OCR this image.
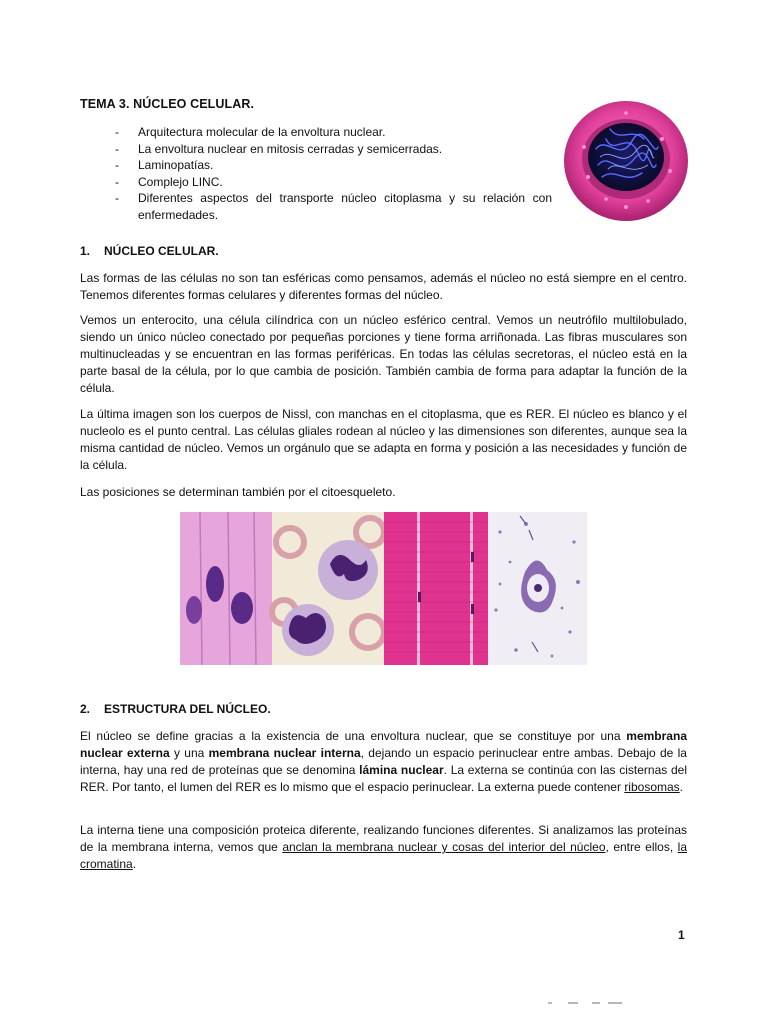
TEMA 3. NÚCLEO CELULAR.
- Arquitectura molecular de la envoltura nuclear.
- La envoltura nuclear en mitosis cerradas y semicerradas.
- Laminopatías.
- Complejo LINC.
- Diferentes aspectos del transporte núcleo citoplasma y su relación con enfermedades.
1. NÚCLEO CELULAR.

Las formas de las células no son tan esféricas como pensamos, además el núcleo no está siempre en el centro. Tenemos diferentes formas celulares y diferentes formas del núcleo.

Vemos un enterocito, una célula cilíndrica con un núcleo esférico central. Vemos un neutrófilo multilobulado, siendo un único núcleo conectado por pequeñas porciones y tiene forma arriñonada. Las fibras musculares son multinucleadas y se encuentran en las formas periféricas. En todas las células secretoras, el núcleo está en la parte basal de la célula, por lo que cambia de posición. También cambia de forma para adaptar la función de la célula.

La última imagen son los cuerpos de Nissl, con manchas en el citoplasma, que es RER. El núcleo es blanco y el nucleolo es el punto central. Las células gliales rodean al núcleo y las dimensiones son diferentes, aunque sea la misma cantidad de núcleo. Vemos un orgánulo que se adapta en forma y posición a las necesidades y función de la célula.

Las posiciones se determinan también por el citoesqueleto.

2. ESTRUCTURA DEL NÚCLEO.

El núcleo se define gracias a la existencia de una envoltura nuclear, que se constituye por una membrana nuclear externa y una membrana nuclear interna, dejando un espacio perinuclear entre ambas. Debajo de la interna, hay una red de proteínas que se denomina lámina nuclear. La externa se continúa con las cisternas del RER. Por tanto, el lumen del RER es lo mismo que el espacio perinuclear. La externa puede contener ribosomas.

La interna tiene una composición proteica diferente, realizando funciones diferentes. Si analizamos las proteínas de la membrana interna, vemos que anclan la membrana nuclear y cosas del interior del núcleo, entre ellos, la cromatina.

1
